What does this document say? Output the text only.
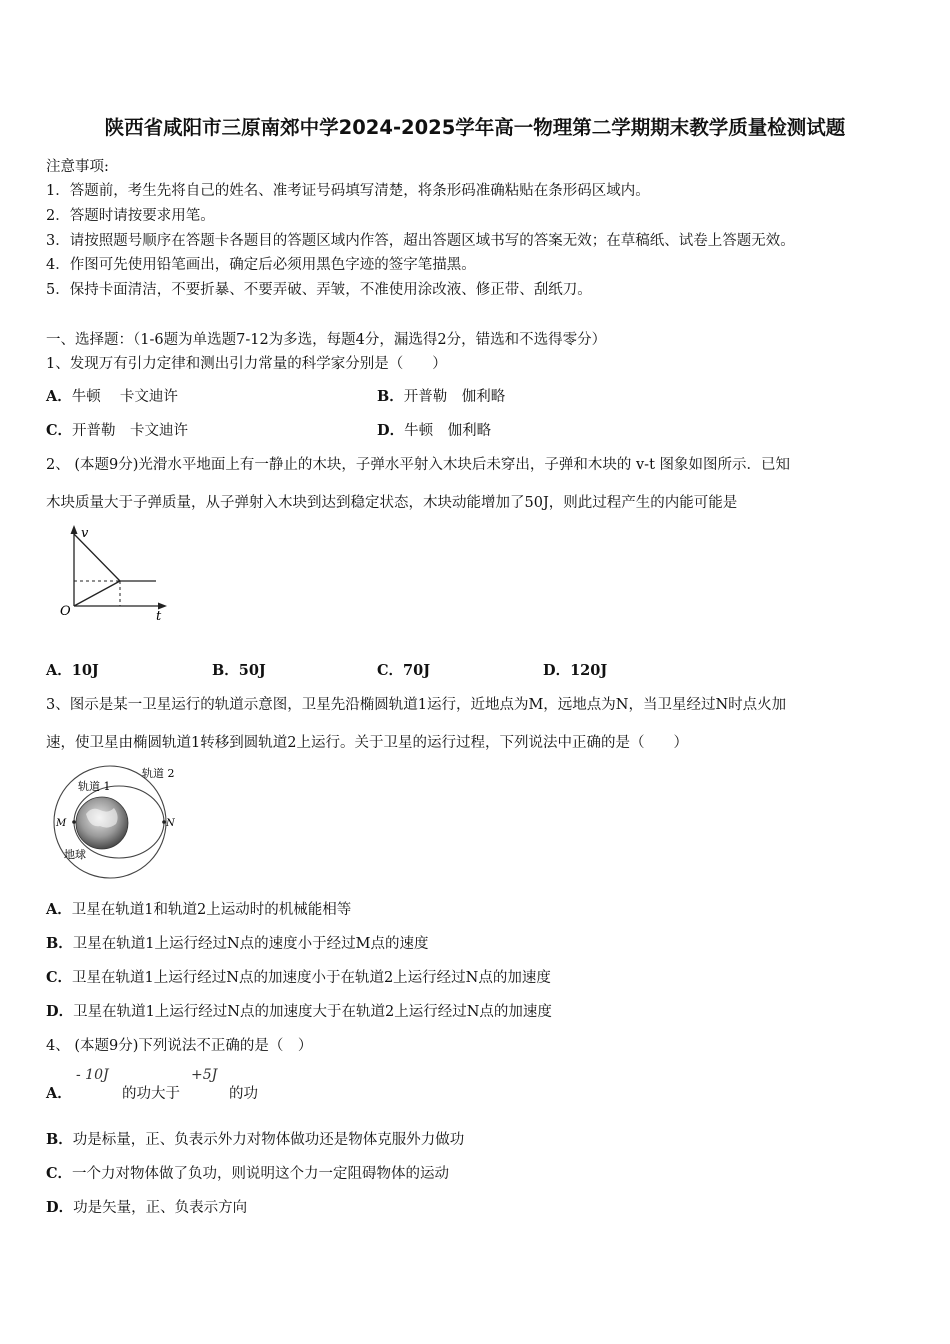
陕西省咸阳市三原南郊中学2024-2025学年高一物理第二学期期末教学质量检测试题
注意事项:
1．答题前，考生先将自己的姓名、准考证号码填写清楚，将条形码准确粘贴在条形码区域内。
2．答题时请按要求用笔。
3．请按照题号顺序在答题卡各题目的答题区域内作答，超出答题区域书写的答案无效；在草稿纸、试卷上答题无效。
4．作图可先使用铅笔画出，确定后必须用黑色字迹的签字笔描黑。
5．保持卡面清洁，不要折暴、不要弄破、弄皱，不准使用涂改液、修正带、刮纸刀。
一、选择题：（1-6题为单选题7-12为多选，每题4分，漏选得2分，错选和不选得零分）
1、发现万有引力定律和测出引力常量的科学家分别是（　　）
A．牛顿　 卡文迪许	B．开普勒　伽利略
C．开普勒　卡文迪许	D．牛顿　伽利略
2、 (本题9分)光滑水平地面上有一静止的木块，子弹水平射入木块后未穿出，子弹和木块的 v-t 图象如图所示．已知
木块质量大于子弹质量，从子弹射入木块到达到稳定状态，木块动能增加了50J，则此过程产生的内能可能是
v
t
O
A．10J	B．50J	C．70J	D．120J
3、图示是某一卫星运行的轨道示意图，卫星先沿椭圆轨道1运行，近地点为M，远地点为N，当卫星经过N时点火加
速，使卫星由椭圆轨道1转移到圆轨道2上运行。关于卫星的运行过程，下列说法中正确的是（　　）
轨道 1
轨道 2
M	N
地球
A．卫星在轨道1和轨道2上运动时的机械能相等
B．卫星在轨道1上运行经过N点的速度小于经过M点的速度
C．卫星在轨道1上运行经过N点的加速度小于在轨道2上运行经过N点的加速度
D．卫星在轨道1上运行经过N点的加速度大于在轨道2上运行经过N点的加速度
4、 (本题9分)下列说法不正确的是（　）
A．
- 10J
的功大于
+5J
的功
B．功是标量，正、负表示外力对物体做功还是物体克服外力做功
C．一个力对物体做了负功，则说明这个力一定阻碍物体的运动
D．功是矢量，正、负表示方向
